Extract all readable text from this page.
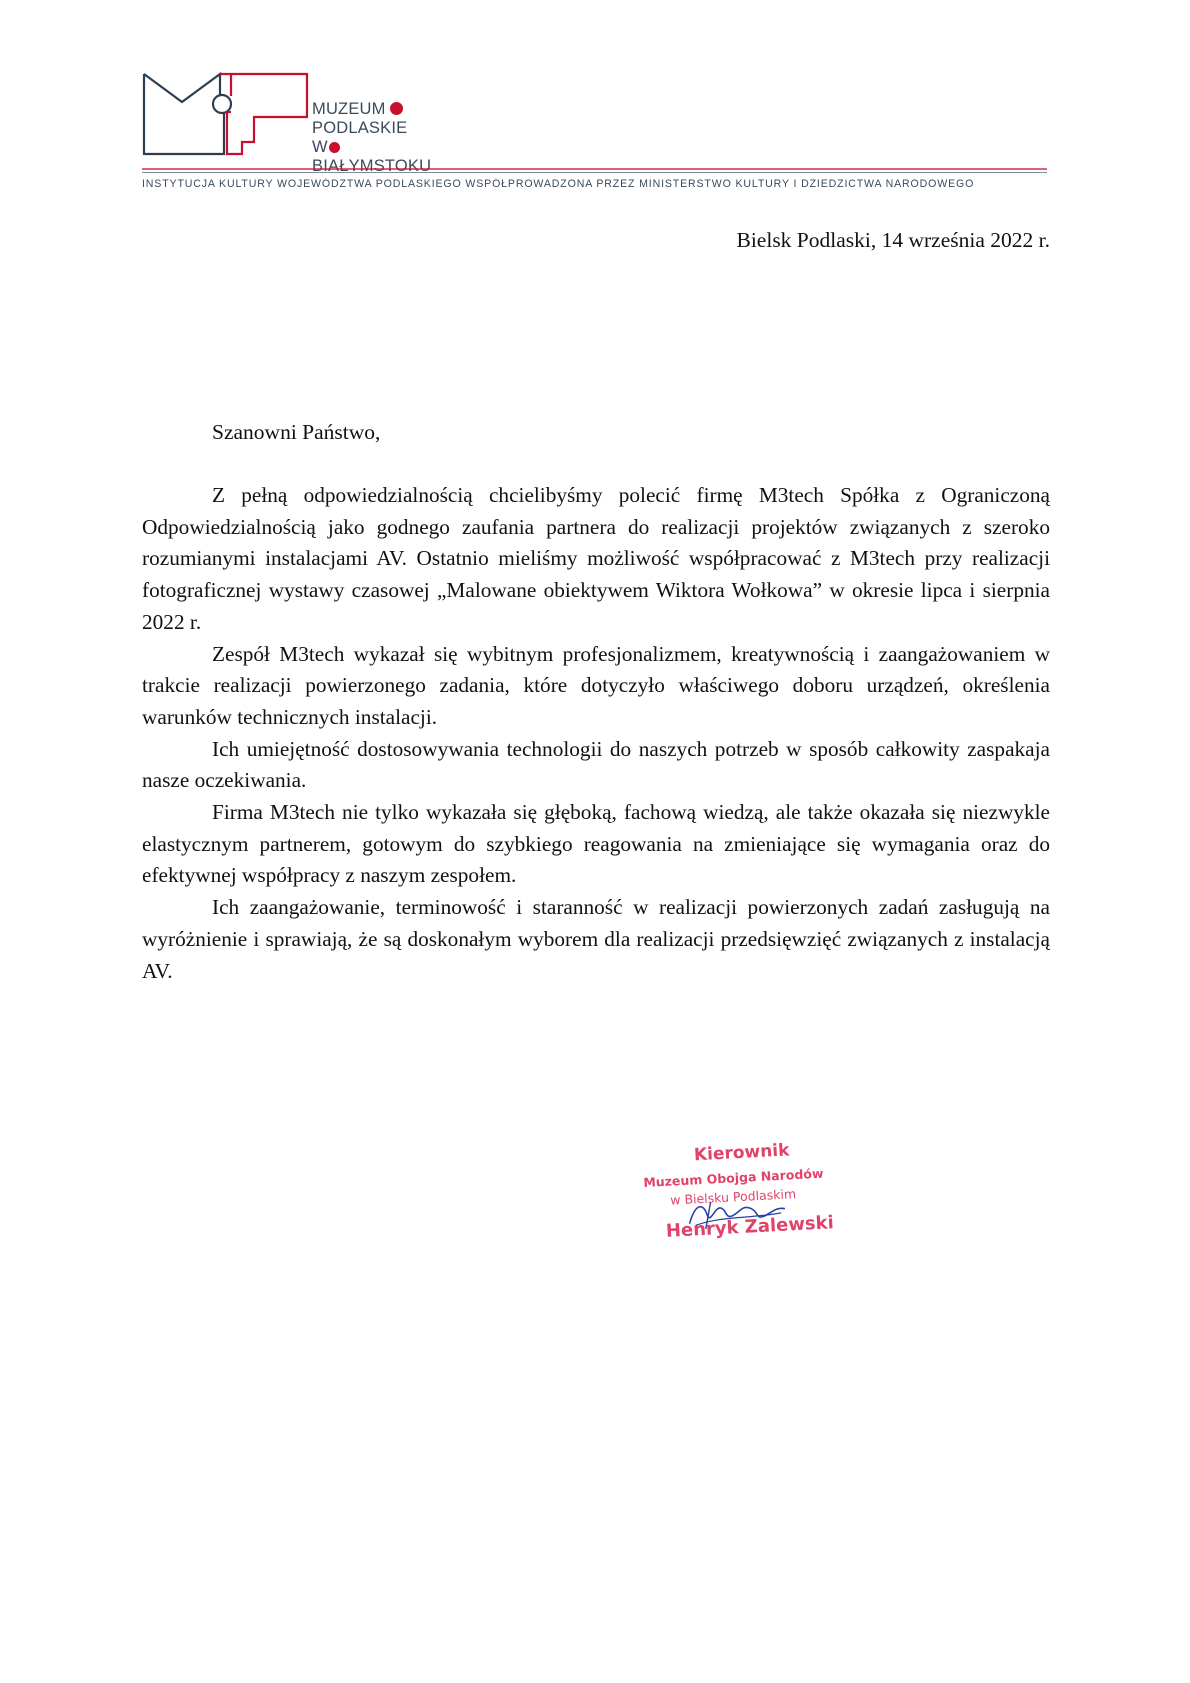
MUZEUM
PODLASKIE
WBIAŁYMSTOKU
INSTYTUCJA KULTURY WOJEWÓDZTWA PODLASKIEGO WSPÓŁPROWADZONA PRZEZ MINISTERSTWO KULTURY I DZIEDZICTWA NARODOWEGO
Bielsk Podlaski, 14 września 2022 r.
Szanowni Państwo,

Z pełną odpowiedzialnością chcielibyśmy polecić firmę M3tech Spółka z Ograniczoną Odpowiedzialnością jako godnego zaufania partnera do realizacji projektów związanych z szeroko rozumianymi instalacjami AV. Ostatnio mieliśmy możliwość współpracować z M3tech przy realizacji fotograficznej wystawy czasowej „Malowane obiektywem Wiktora Wołkowa” w okresie lipca i sierpnia 2022 r.

Zespół M3tech wykazał się wybitnym profesjonalizmem, kreatywnością i zaangażowaniem w trakcie realizacji powierzonego zadania, które dotyczyło właściwego doboru urządzeń, określenia warunków technicznych instalacji.

Ich umiejętność dostosowywania technologii do naszych potrzeb w sposób całkowity zaspakaja nasze oczekiwania.

Firma M3tech nie tylko wykazała się głęboką, fachową wiedzą, ale także okazała się niezwykle elastycznym partnerem, gotowym do szybkiego reagowania na zmieniające się wymagania oraz do efektywnej współpracy z naszym zespołem.

Ich zaangażowanie, terminowość i staranność w realizacji powierzonych zadań zasługują na wyróżnienie i sprawiają, że są doskonałym wyborem dla realizacji przedsięwzięć związanych z instalacją AV.

Kierownik
Muzeum Obojga Narodów
w Bielsku Podlaskim
Henryk Zalewski
